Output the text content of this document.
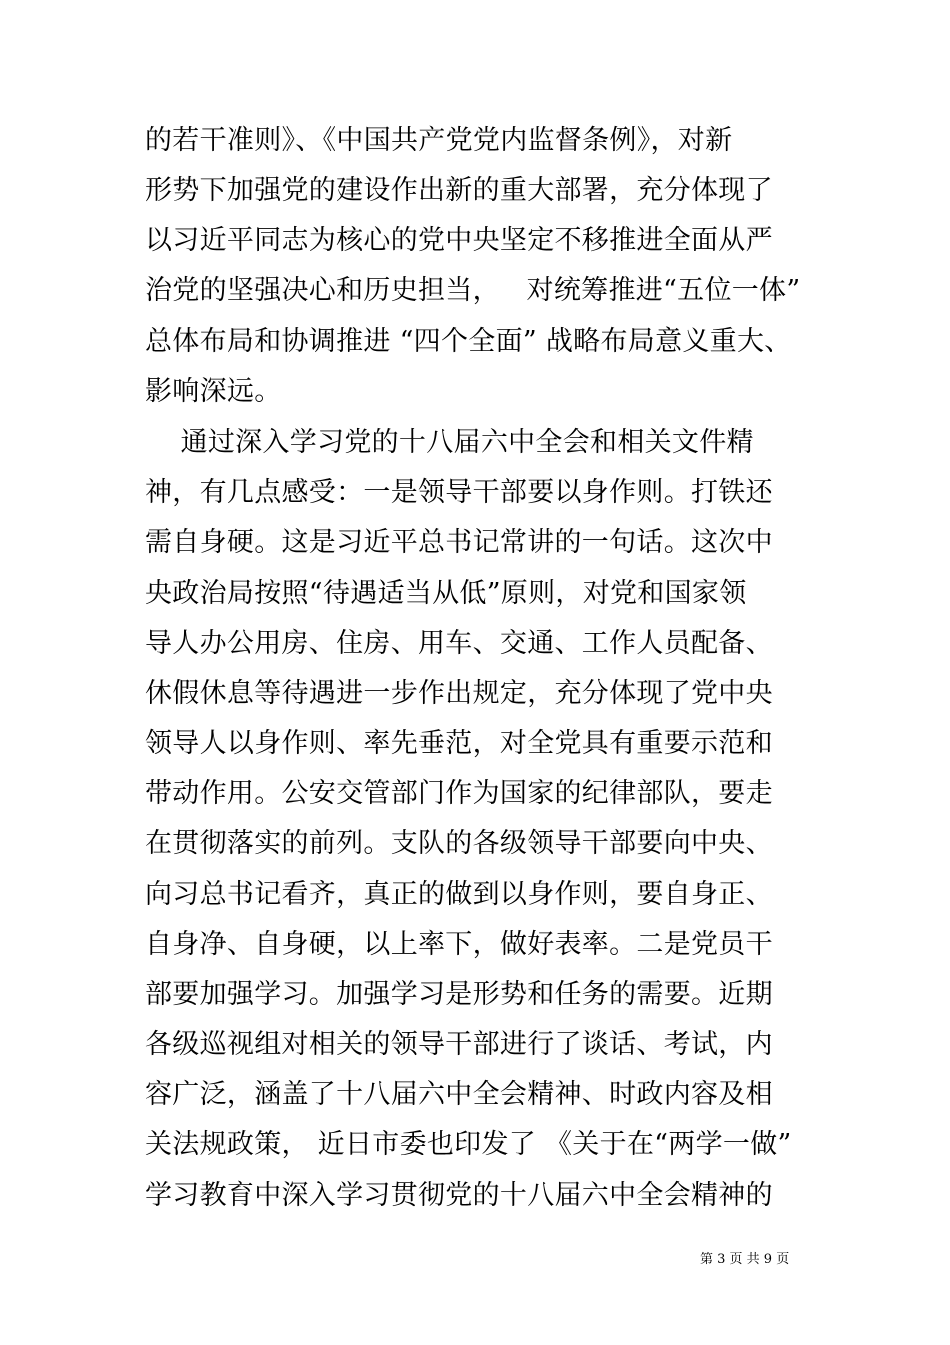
的若干准则》、《中国共产党党内监督条例》，对新
形势下加强党的建设作出新的重大部署，充分体现了
以习近平同志为核心的党中央坚定不移推进全面从严
治党的坚强决心和历史担当，   对统筹推进“五位一体”
总体布局和协调推进 “四个全面” 战略布局意义重大、
影响深远。
通过深入学习党的十八届六中全会和相关文件精
神，有几点感受：一是领导干部要以身作则。打铁还
需自身硬。这是习近平总书记常讲的一句话。这次中
央政治局按照“待遇适当从低”原则，对党和国家领
导人办公用房、住房、用车、交通、工作人员配备、
休假休息等待遇进一步作出规定，充分体现了党中央
领导人以身作则、率先垂范，对全党具有重要示范和
带动作用。公安交管部门作为国家的纪律部队，要走
在贯彻落实的前列。支队的各级领导干部要向中央、
向习总书记看齐，真正的做到以身作则，要自身正、
自身净、自身硬，以上率下，做好表率。二是党员干
部要加强学习。加强学习是形势和任务的需要。近期
各级巡视组对相关的领导干部进行了谈话、考试，内
容广泛，涵盖了十八届六中全会精神、时政内容及相
关法规政策， 近日市委也印发了 《关于在“两学一做”
学习教育中深入学习贯彻党的十八届六中全会精神的
第 3 页 共 9 页
